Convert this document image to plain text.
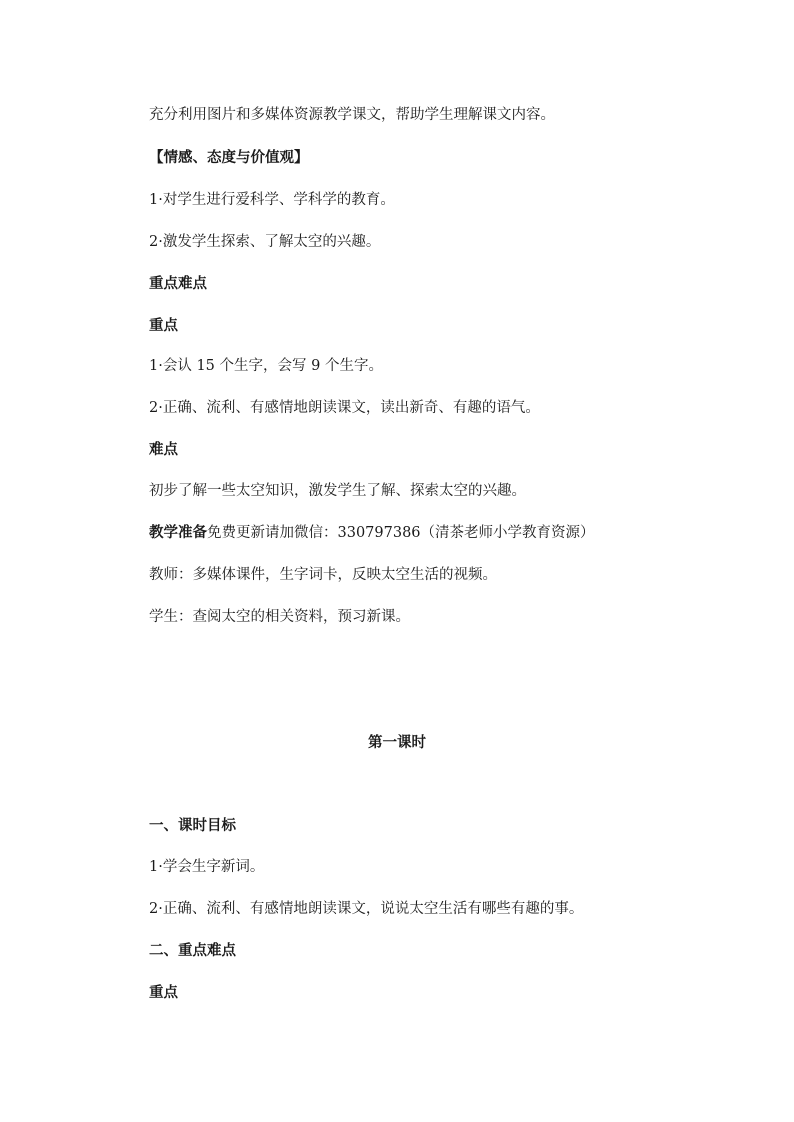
充分利用图片和多媒体资源教学课文，帮助学生理解课文内容。
【情感、态度与价值观】
1·对学生进行爱科学、学科学的教育。
2·激发学生探索、了解太空的兴趣。
重点难点
重点
1·会认 15 个生字，会写 9 个生字。
2·正确、流利、有感情地朗读课文，读出新奇、有趣的语气。
难点
初步了解一些太空知识，激发学生了解、探索太空的兴趣。
教学准备免费更新请加微信：330797386（清茶老师小学教育资源）
教师：多媒体课件，生字词卡，反映太空生活的视频。
学生：查阅太空的相关资料，预习新课。
第一课时
一、课时目标
1·学会生字新词。
2·正确、流利、有感情地朗读课文，说说太空生活有哪些有趣的事。
二、重点难点
重点
